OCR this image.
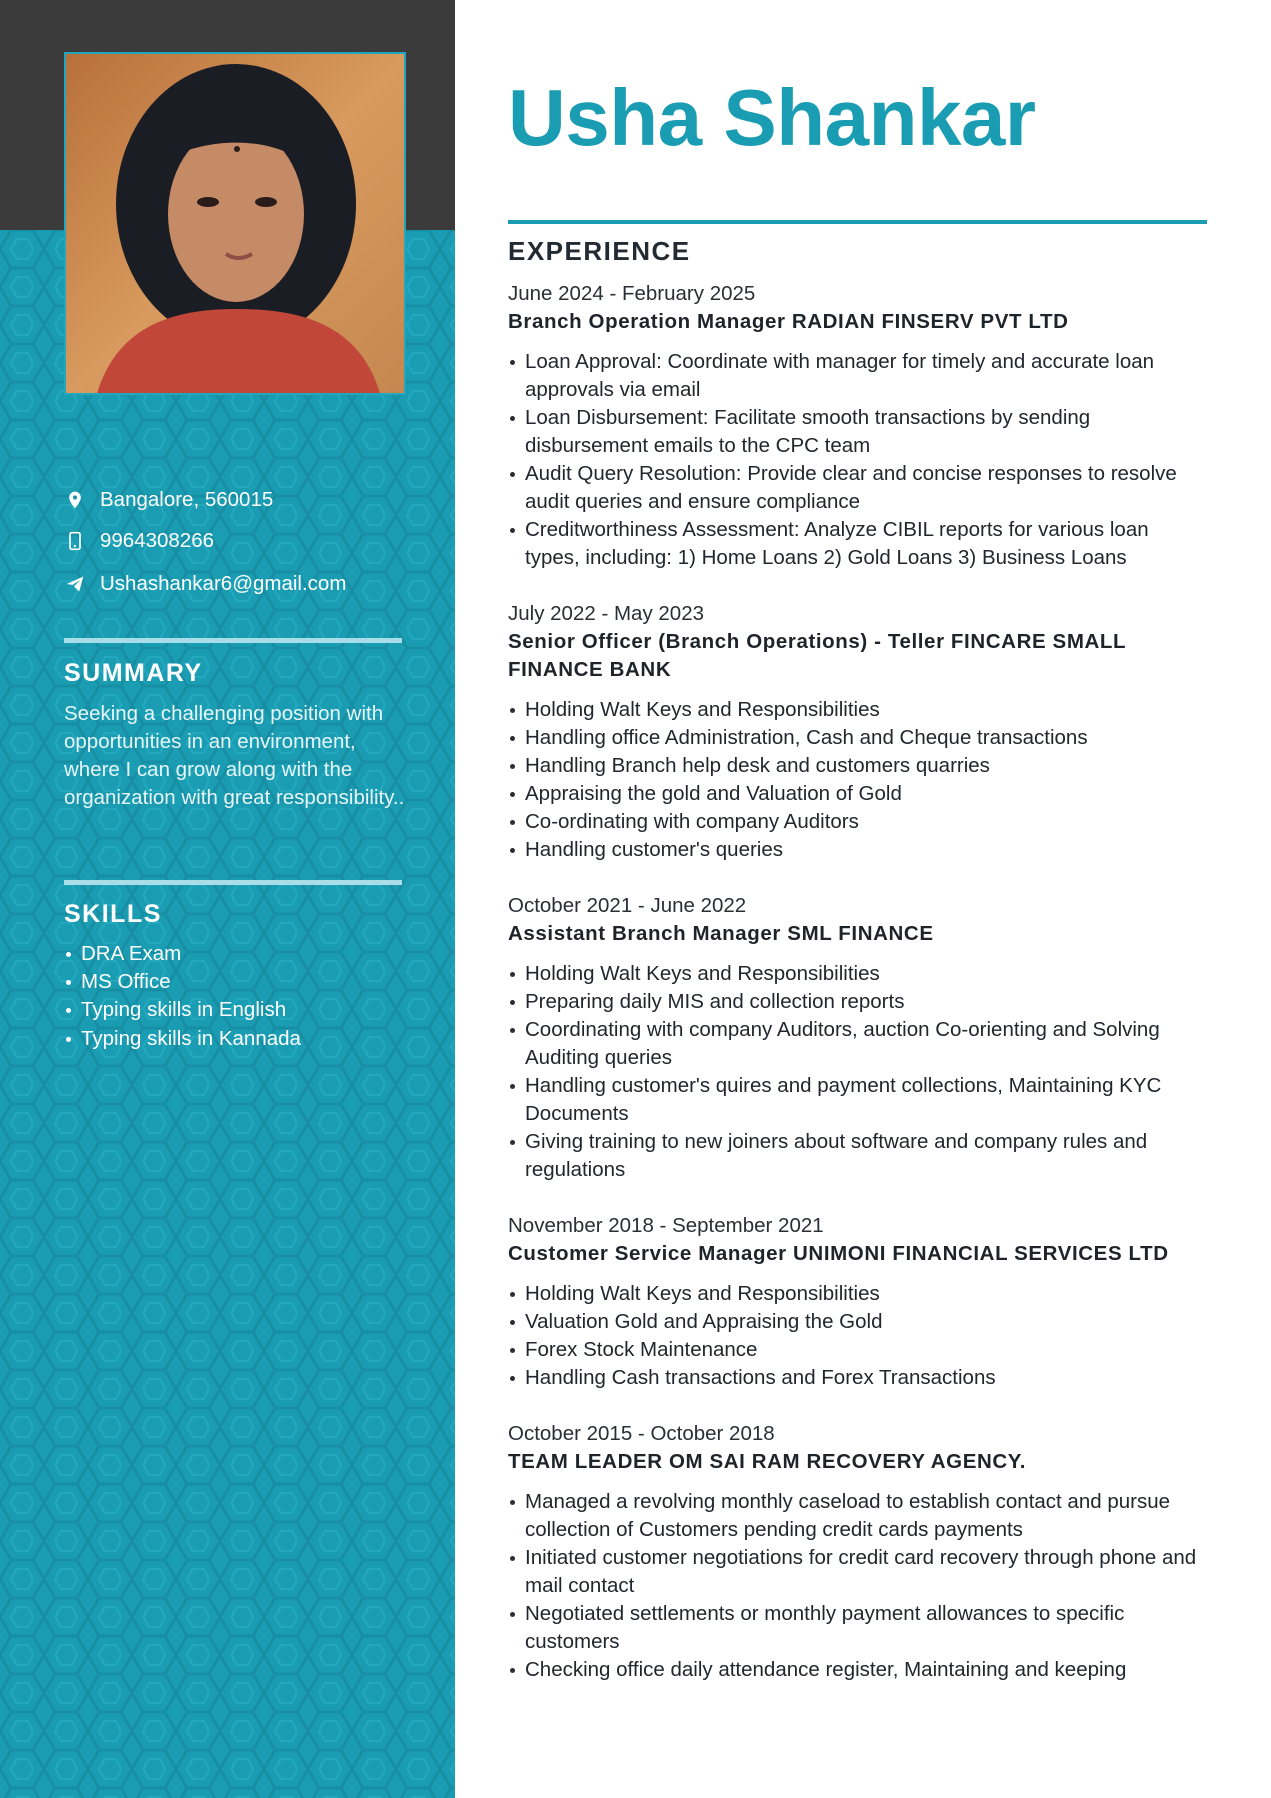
Bangalore, 560015
9964308266
Ushashankar6@gmail.com
SUMMARY

Seeking a challenging position with opportunities in an environment, where I can grow along with the organization with great responsibility..

SKILLS
DRA Exam
MS Office
Typing skills in English
Typing skills in Kannada
Usha Shankar
EXPERIENCE
June 2024 - February 2025
Branch Operation Manager RADIAN FINSERV PVT LTD
Loan Approval: Coordinate with manager for timely and accurate loan approvals via email
Loan Disbursement: Facilitate smooth transactions by sending disbursement emails to the CPC team
Audit Query Resolution: Provide clear and concise responses to resolve audit queries and ensure compliance
Creditworthiness Assessment: Analyze CIBIL reports for various loan types, including: 1) Home Loans 2) Gold Loans 3) Business Loans
July 2022 - May 2023
Senior Officer (Branch Operations) - Teller FINCARE SMALL FINANCE BANK
Holding Walt Keys and Responsibilities
Handling office Administration, Cash and Cheque transactions
Handling Branch help desk and customers quarries
Appraising the gold and Valuation of Gold
Co-ordinating with company Auditors
Handling customer's queries
October 2021 - June 2022
Assistant Branch Manager SML FINANCE
Holding Walt Keys and Responsibilities
Preparing daily MIS and collection reports
Coordinating with company Auditors, auction Co-orienting and Solving Auditing queries
Handling customer's quires and payment collections, Maintaining KYC Documents
Giving training to new joiners about software and company rules and regulations
November 2018 - September 2021
Customer Service Manager UNIMONI FINANCIAL SERVICES LTD
Holding Walt Keys and Responsibilities
Valuation Gold and Appraising the Gold
Forex Stock Maintenance
Handling Cash transactions and Forex Transactions
October 2015 - October 2018
TEAM LEADER OM SAI RAM RECOVERY AGENCY.
Managed a revolving monthly caseload to establish contact and pursue collection of Customers pending credit cards payments
Initiated customer negotiations for credit card recovery through phone and mail contact
Negotiated settlements or monthly payment allowances to specific customers
Checking office daily attendance register, Maintaining and keeping
